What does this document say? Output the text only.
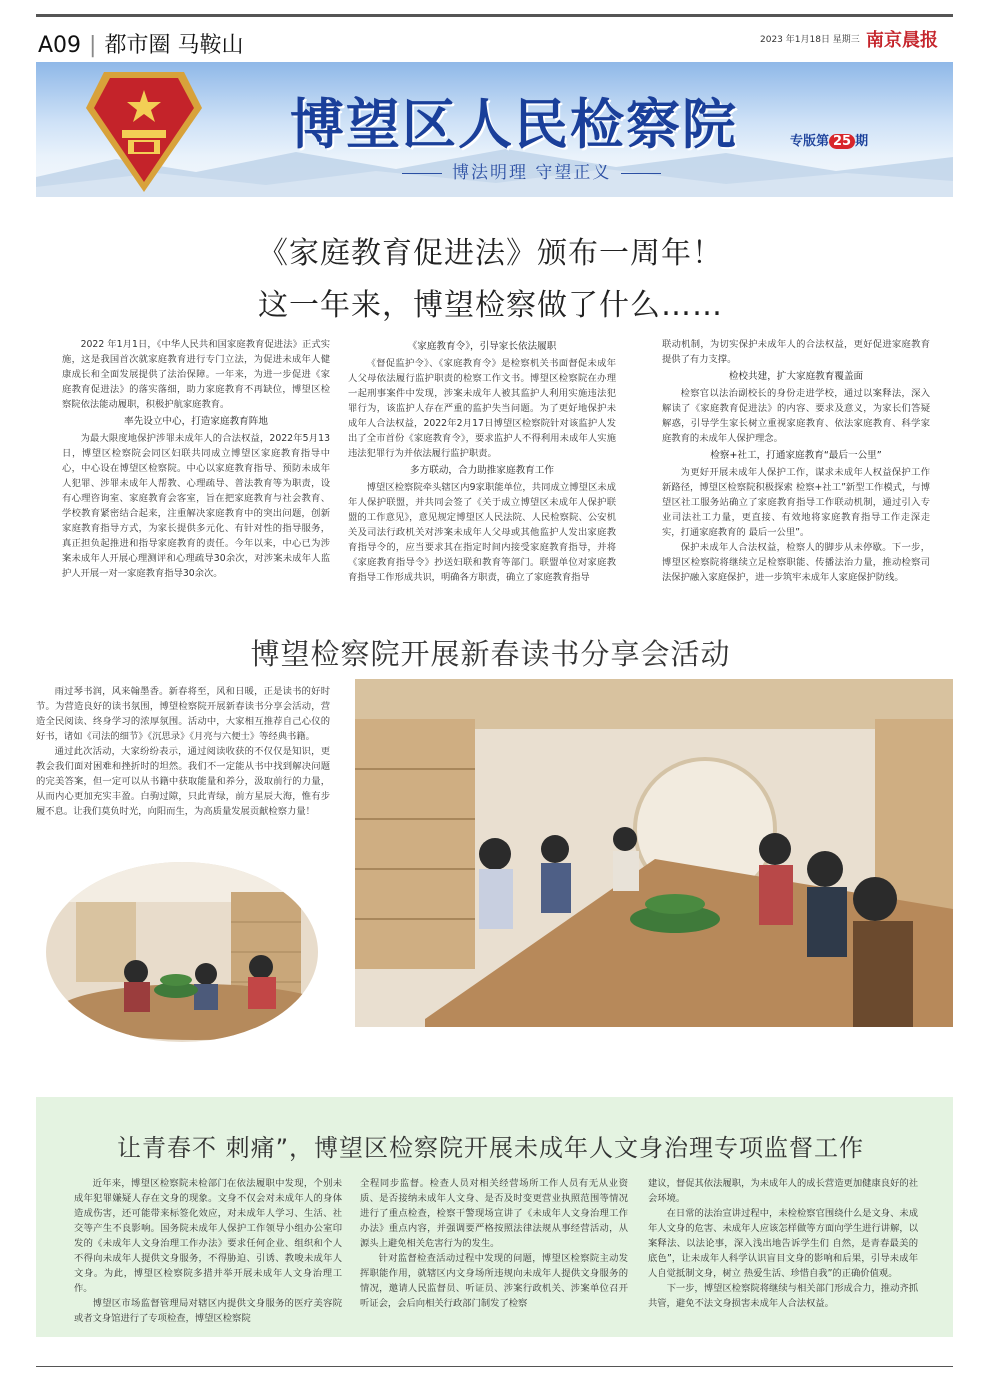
A09 | 都市圈 马鞍山	2023 年1月18日 星期三 南京晨报
博望区人民检察院	专版第 25 期
博法明理 守望正义
《家庭教育促进法》颁布一周年！
这一年来，博望检察做了什么……

2022 年1月1日，《中华人民共和国家庭教育促进法》正式实施，这是我国首次就家庭教育进行专门立法，为促进未成年人健康成长和全面发展提供了法治保障。一年来，为进一步促进《家庭教育促进法》的落实落细，助力家庭教育不再缺位，博望区检察院依法能动履职，积极护航家庭教育。

率先设立中心，打造家庭教育阵地

为最大限度地保护涉罪未成年人的合法权益，2022年5月13日，博望区检察院会同区妇联共同成立博望区家庭教育指导中心，中心设在博望区检察院。中心以家庭教育指导、预防未成年人犯罪、涉罪未成年人帮教、心理疏导、普法教育等为职责，设有心理咨询室、家庭教育会客室，旨在把家庭教育与社会教育、学校教育紧密结合起来，注重解决家庭教育中的突出问题，创新家庭教育指导方式，为家长提供多元化、有针对性的指导服务，真正担负起推进和指导家庭教育的责任。今年以来，中心已为涉案未成年人开展心理测评和心理疏导30余次，对涉案未成年人监护人开展一对一家庭教育指导30余次。

《家庭教育令》，引导家长依法履职

《督促监护令》、《家庭教育令》是检察机关书面督促未成年人父母依法履行监护职责的检察工作文书。博望区检察院在办理一起刑事案件中发现，涉案未成年人被其监护人利用实施违法犯罪行为，该监护人存在严重的监护失当问题。为了更好地保护未成年人合法权益，2022年2月17日博望区检察院针对该监护人发出了全市首份《家庭教育令》，要求监护人不得利用未成年人实施违法犯罪行为并依法履行监护职责。

多方联动，合力助推家庭教育工作

博望区检察院牵头辖区内9家职能单位，共同成立博望区未成年人保护联盟，并共同会签了《关于成立博望区未成年人保护联盟的工作意见》，意见规定博望区人民法院、人民检察院、公安机关及司法行政机关对涉案未成年人父母或其他监护人发出家庭教育指导令的，应当要求其在指定时间内接受家庭教育指导，并将《家庭教育指导令》抄送妇联和教育等部门。联盟单位对家庭教育指导工作形成共识，明确各方职责，确立了家庭教育指导

联动机制，为切实保护未成年人的合法权益，更好促进家庭教育提供了有力支撑。

检校共建，扩大家庭教育覆盖面

检察官以法治副校长的身份走进学校，通过以案释法，深入解读了《家庭教育促进法》的内容、要求及意义，为家长们答疑解惑，引导学生家长树立重视家庭教育、依法家庭教育、科学家庭教育的未成年人保护理念。

检察+社工，打通家庭教育“最后一公里”

为更好开展未成年人保护工作，谋求未成年人权益保护工作新路径，博望区检察院积极探索 检察+社工”新型工作模式，与博望区社工服务站确立了家庭教育指导工作联动机制，通过引入专业司法社工力量，更直接、有效地将家庭教育指导工作走深走实，打通家庭教育的 最后一公里”。

保护未成年人合法权益，检察人的脚步从未停歇。下一步，博望区检察院将继续立足检察职能、传播法治力量，推动检察司法保护融入家庭保护，进一步筑牢未成年人家庭保护防线。

博望检察院开展新春读书分享会活动

雨过琴书润，风来翰墨香。新春将至，风和日暖，正是读书的好时节。为营造良好的读书氛围，博望检察院开展新春读书分享会活动，营造全民阅读、终身学习的浓厚氛围。活动中，大家相互推荐自己心仪的好书，诸如《司法的细节》《沉思录》《月亮与六便士》等经典书籍。

通过此次活动，大家纷纷表示，通过阅读收获的不仅仅是知识，更教会我们面对困难和挫折时的坦然。我们不一定能从书中找到解决问题的完美答案，但一定可以从书籍中获取能量和养分，汲取前行的力量，从而内心更加充实丰盈。白驹过隙，只此青绿，前方星辰大海，惟有步履不息。让我们莫负时光，向阳而生，为高质量发展贡献检察力量！

让青春不 刺痛”，博望区检察院开展未成年人文身治理专项监督工作

近年来，博望区检察院未检部门在依法履职中发现，个别未成年犯罪嫌疑人存在文身的现象。文身不仅会对未成年人的身体造成伤害，还可能带来标签化效应，对未成年人学习、生活、社交等产生不良影响。国务院未成年人保护工作领导小组办公室印发的《未成年人文身治理工作办法》要求任何企业、组织和个人不得向未成年人提供文身服务，不得胁迫、引诱、教唆未成年人文身。为此，博望区检察院多措并举开展未成年人文身治理工作。

博望区市场监督管理局对辖区内提供文身服务的医疗美容院或者文身馆进行了专项检查，博望区检察院

全程同步监督。检查人员对相关经营场所工作人员有无从业资质、是否接纳未成年人文身、是否及时变更营业执照范围等情况进行了重点检查，检察干警现场宣讲了《未成年人文身治理工作办法》重点内容，并强调要严格按照法律法规从事经营活动，从源头上避免相关危害行为的发生。

针对监督检查活动过程中发现的问题，博望区检察院主动发挥职能作用，就辖区内文身场所违规向未成年人提供文身服务的情况，邀请人民监督员、听证员、涉案行政机关、涉案单位召开听证会，会后向相关行政部门制发了检察

建议，督促其依法履职，为未成年人的成长营造更加健康良好的社会环境。

在日常的法治宣讲过程中，未检检察官围绕什么是文身、未成年人文身的危害、未成年人应该怎样做等方面向学生进行讲解，以案释法、以法论事，深入浅出地告诉学生们 自然，是青春最美的底色”，让未成年人科学认识盲目文身的影响和后果，引导未成年人自觉抵制文身，树立 热爱生活、珍惜自我”的正确价值观。

下一步，博望区检察院将继续与相关部门形成合力，推动齐抓共管，避免不法文身损害未成年人合法权益。
